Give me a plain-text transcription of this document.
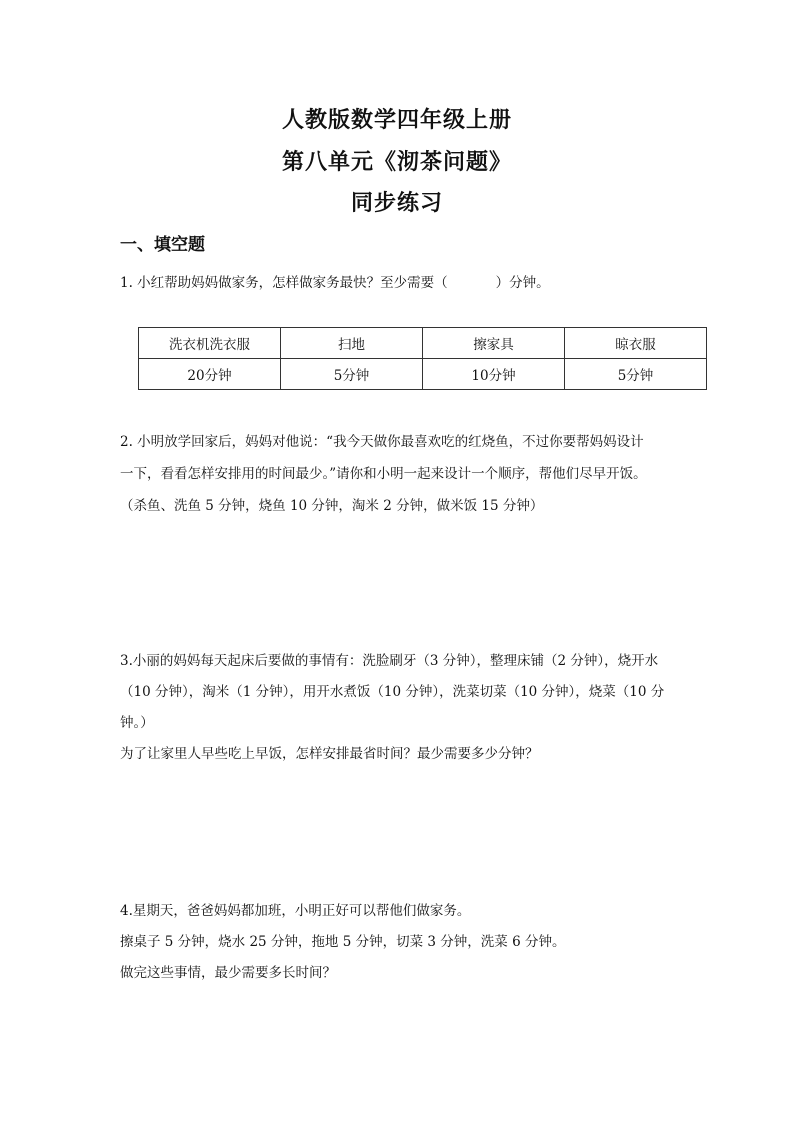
人教版数学四年级上册
第八单元《沏茶问题》
同步练习
一、填空题
1. 小红帮助妈妈做家务，怎样做家务最快？至少需要（	）分钟。
洗衣机洗衣服	扫地	擦家具	晾衣服
20分钟	5分钟	10分钟	5分钟
2. 小明放学回家后，妈妈对他说：“我今天做你最喜欢吃的红烧鱼，不过你要帮妈妈设计
一下，看看怎样安排用的时间最少。”请你和小明一起来设计一个顺序，帮他们尽早开饭。
（杀鱼、洗鱼 5 分钟，烧鱼 10 分钟，淘米 2 分钟，做米饭 15 分钟）
3.小丽的妈妈每天起床后要做的事情有：洗脸刷牙（3 分钟），整理床铺（2 分钟），烧开水
（10 分钟），淘米（1 分钟），用开水煮饭（10 分钟），洗菜切菜（10 分钟），烧菜（10 分
钟。）
为了让家里人早些吃上早饭，怎样安排最省时间？最少需要多少分钟？
4.星期天，爸爸妈妈都加班，小明正好可以帮他们做家务。
擦桌子 5 分钟，烧水 25 分钟，拖地 5 分钟，切菜 3 分钟，洗菜 6 分钟。
做完这些事情，最少需要多长时间？
